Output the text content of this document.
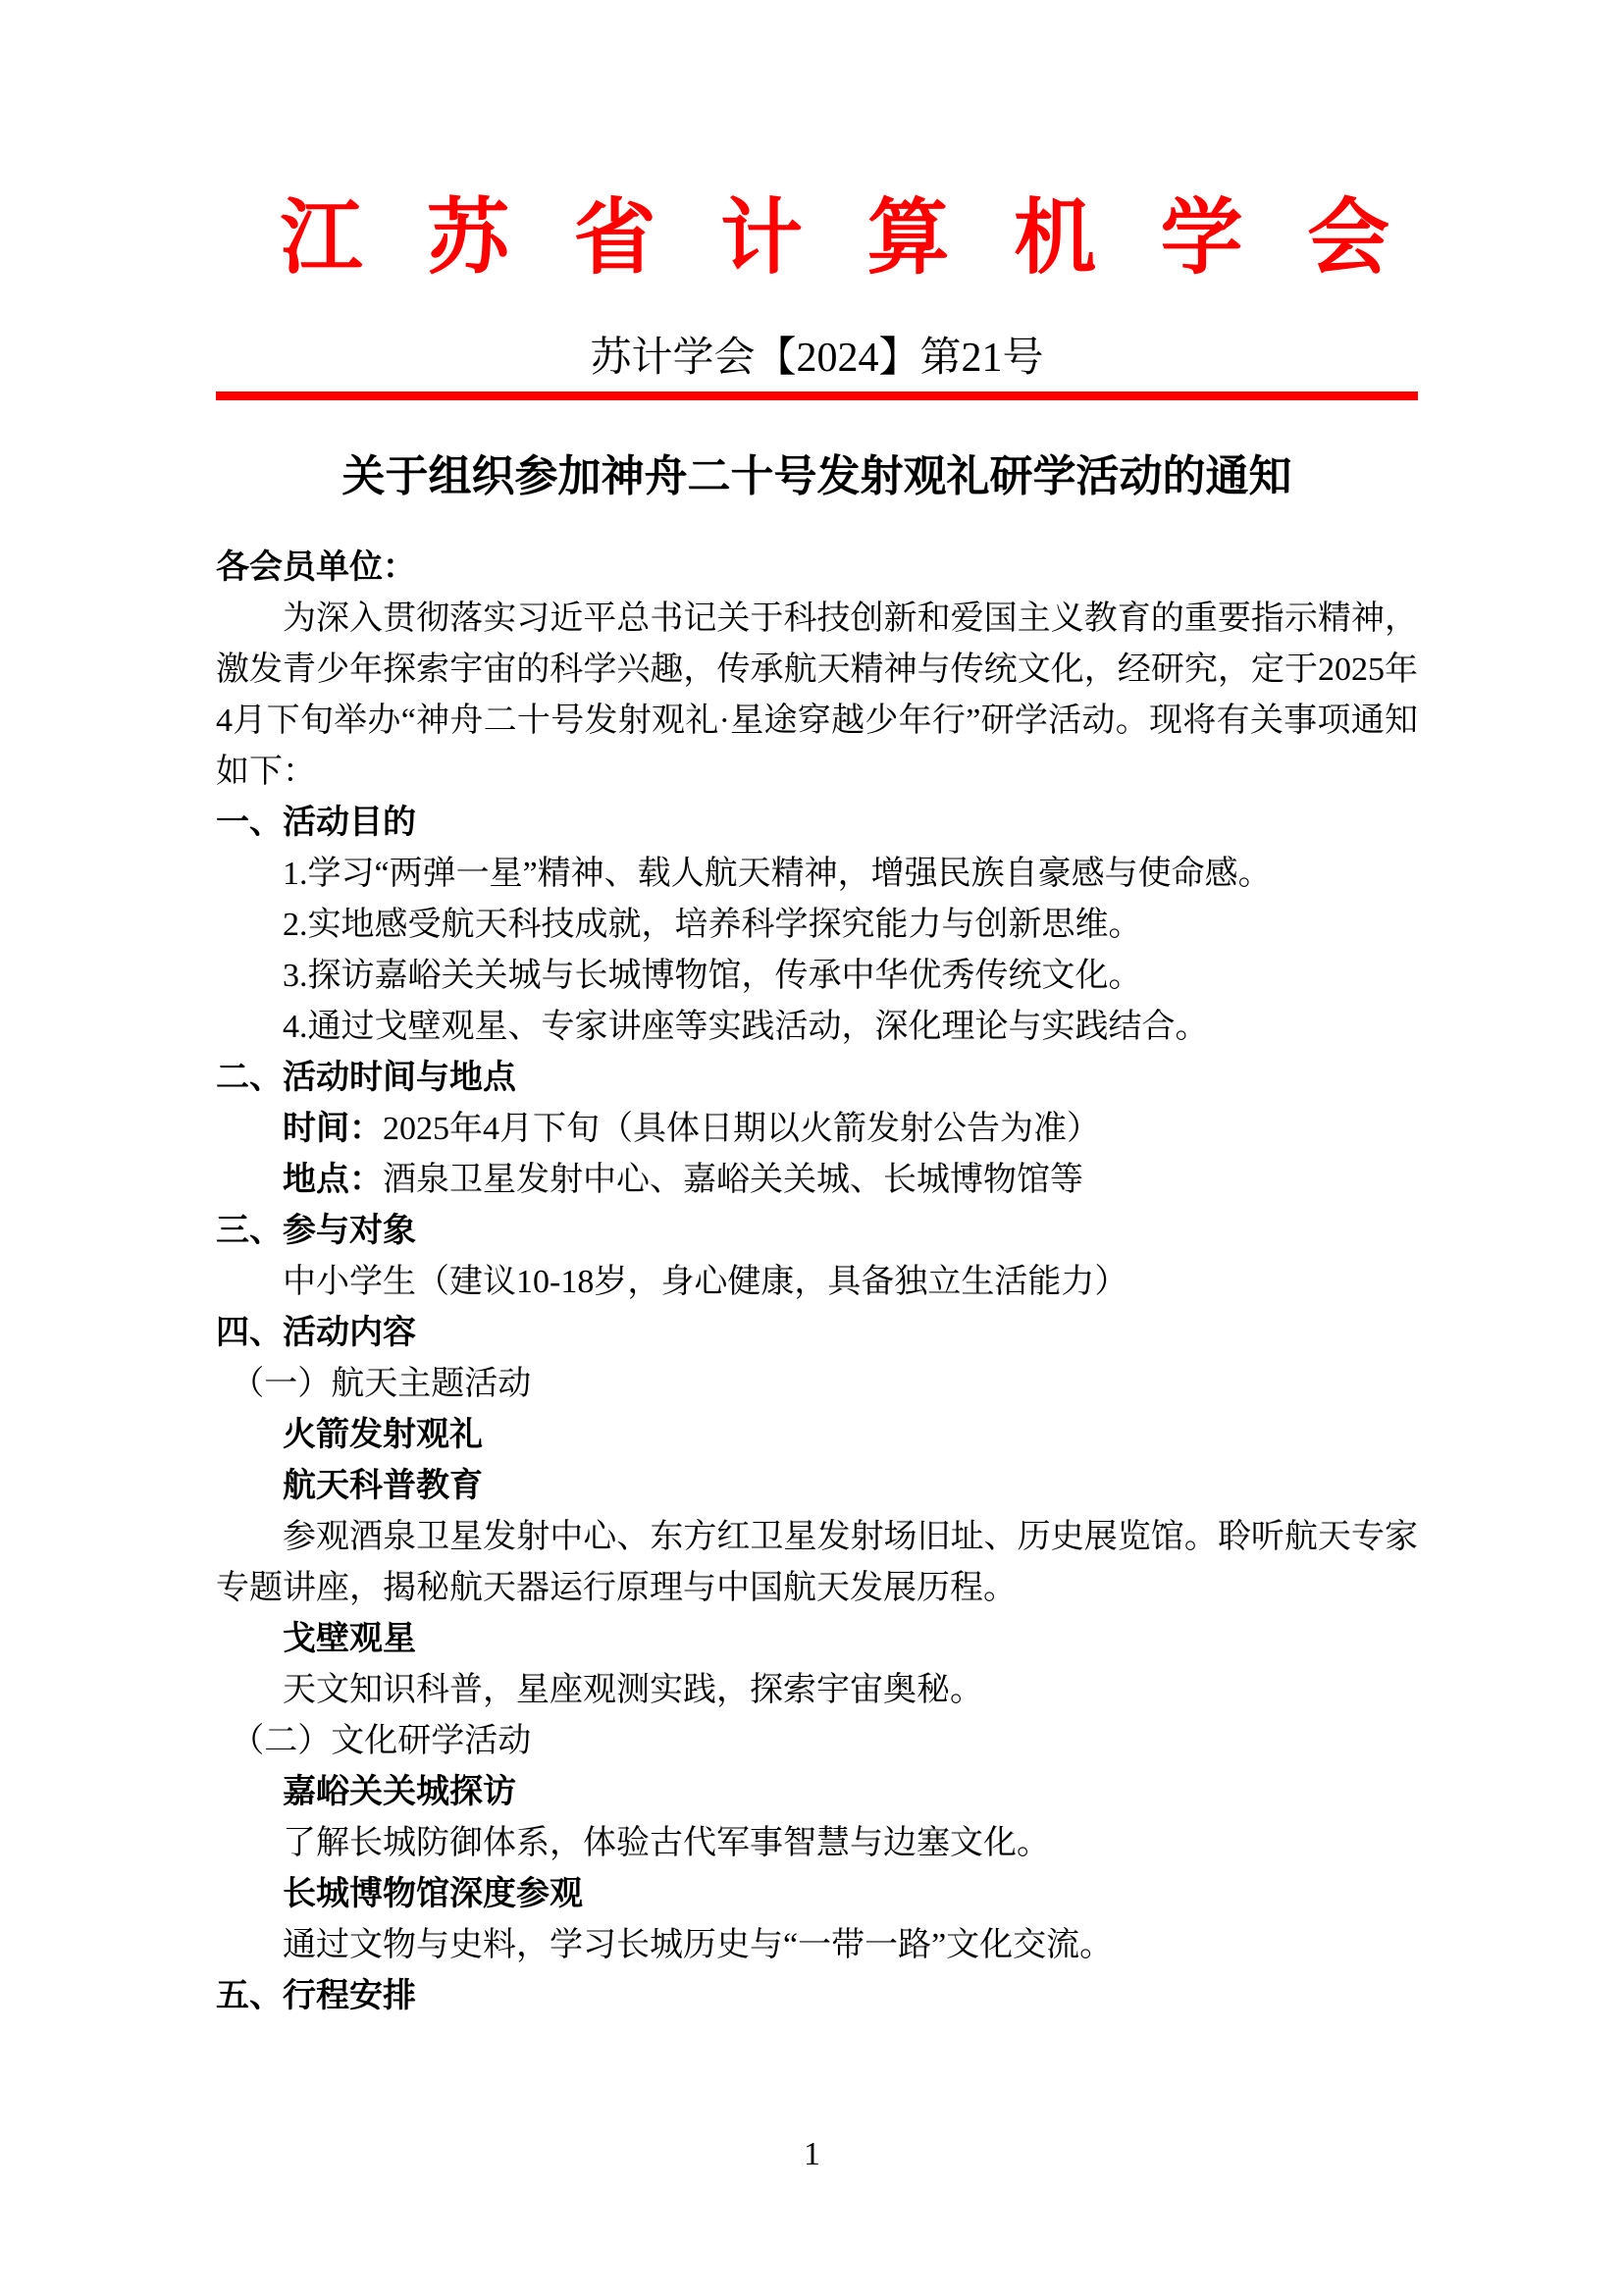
江苏省计算机学会
苏计学会【2024】第21号
关于组织参加神舟二十号发射观礼研学活动的通知

各会员单位：

为深入贯彻落实习近平总书记关于科技创新和爱国主义教育的重要指示精神，激发青少年探索宇宙的科学兴趣，传承航天精神与传统文化，经研究，定于2025年4月下旬举办“神舟二十号发射观礼·星途穿越少年行”研学活动。现将有关事项通知如下：

一、活动目的

1.学习“两弹一星”精神、载人航天精神，增强民族自豪感与使命感。

2.实地感受航天科技成就，培养科学探究能力与创新思维。

3.探访嘉峪关关城与长城博物馆，传承中华优秀传统文化。

4.通过戈壁观星、专家讲座等实践活动，深化理论与实践结合。

二、活动时间与地点

时间：2025年4月下旬（具体日期以火箭发射公告为准）

地点：酒泉卫星发射中心、嘉峪关关城、长城博物馆等

三、参与对象

中小学生（建议10-18岁，身心健康，具备独立生活能力）

四、活动内容

（一）航天主题活动

火箭发射观礼

航天科普教育

参观酒泉卫星发射中心、东方红卫星发射场旧址、历史展览馆。聆听航天专家专题讲座，揭秘航天器运行原理与中国航天发展历程。

戈壁观星

天文知识科普，星座观测实践，探索宇宙奥秘。

（二）文化研学活动

嘉峪关关城探访

了解长城防御体系，体验古代军事智慧与边塞文化。

长城博物馆深度参观

通过文物与史料，学习长城历史与“一带一路”文化交流。

五、行程安排

1
